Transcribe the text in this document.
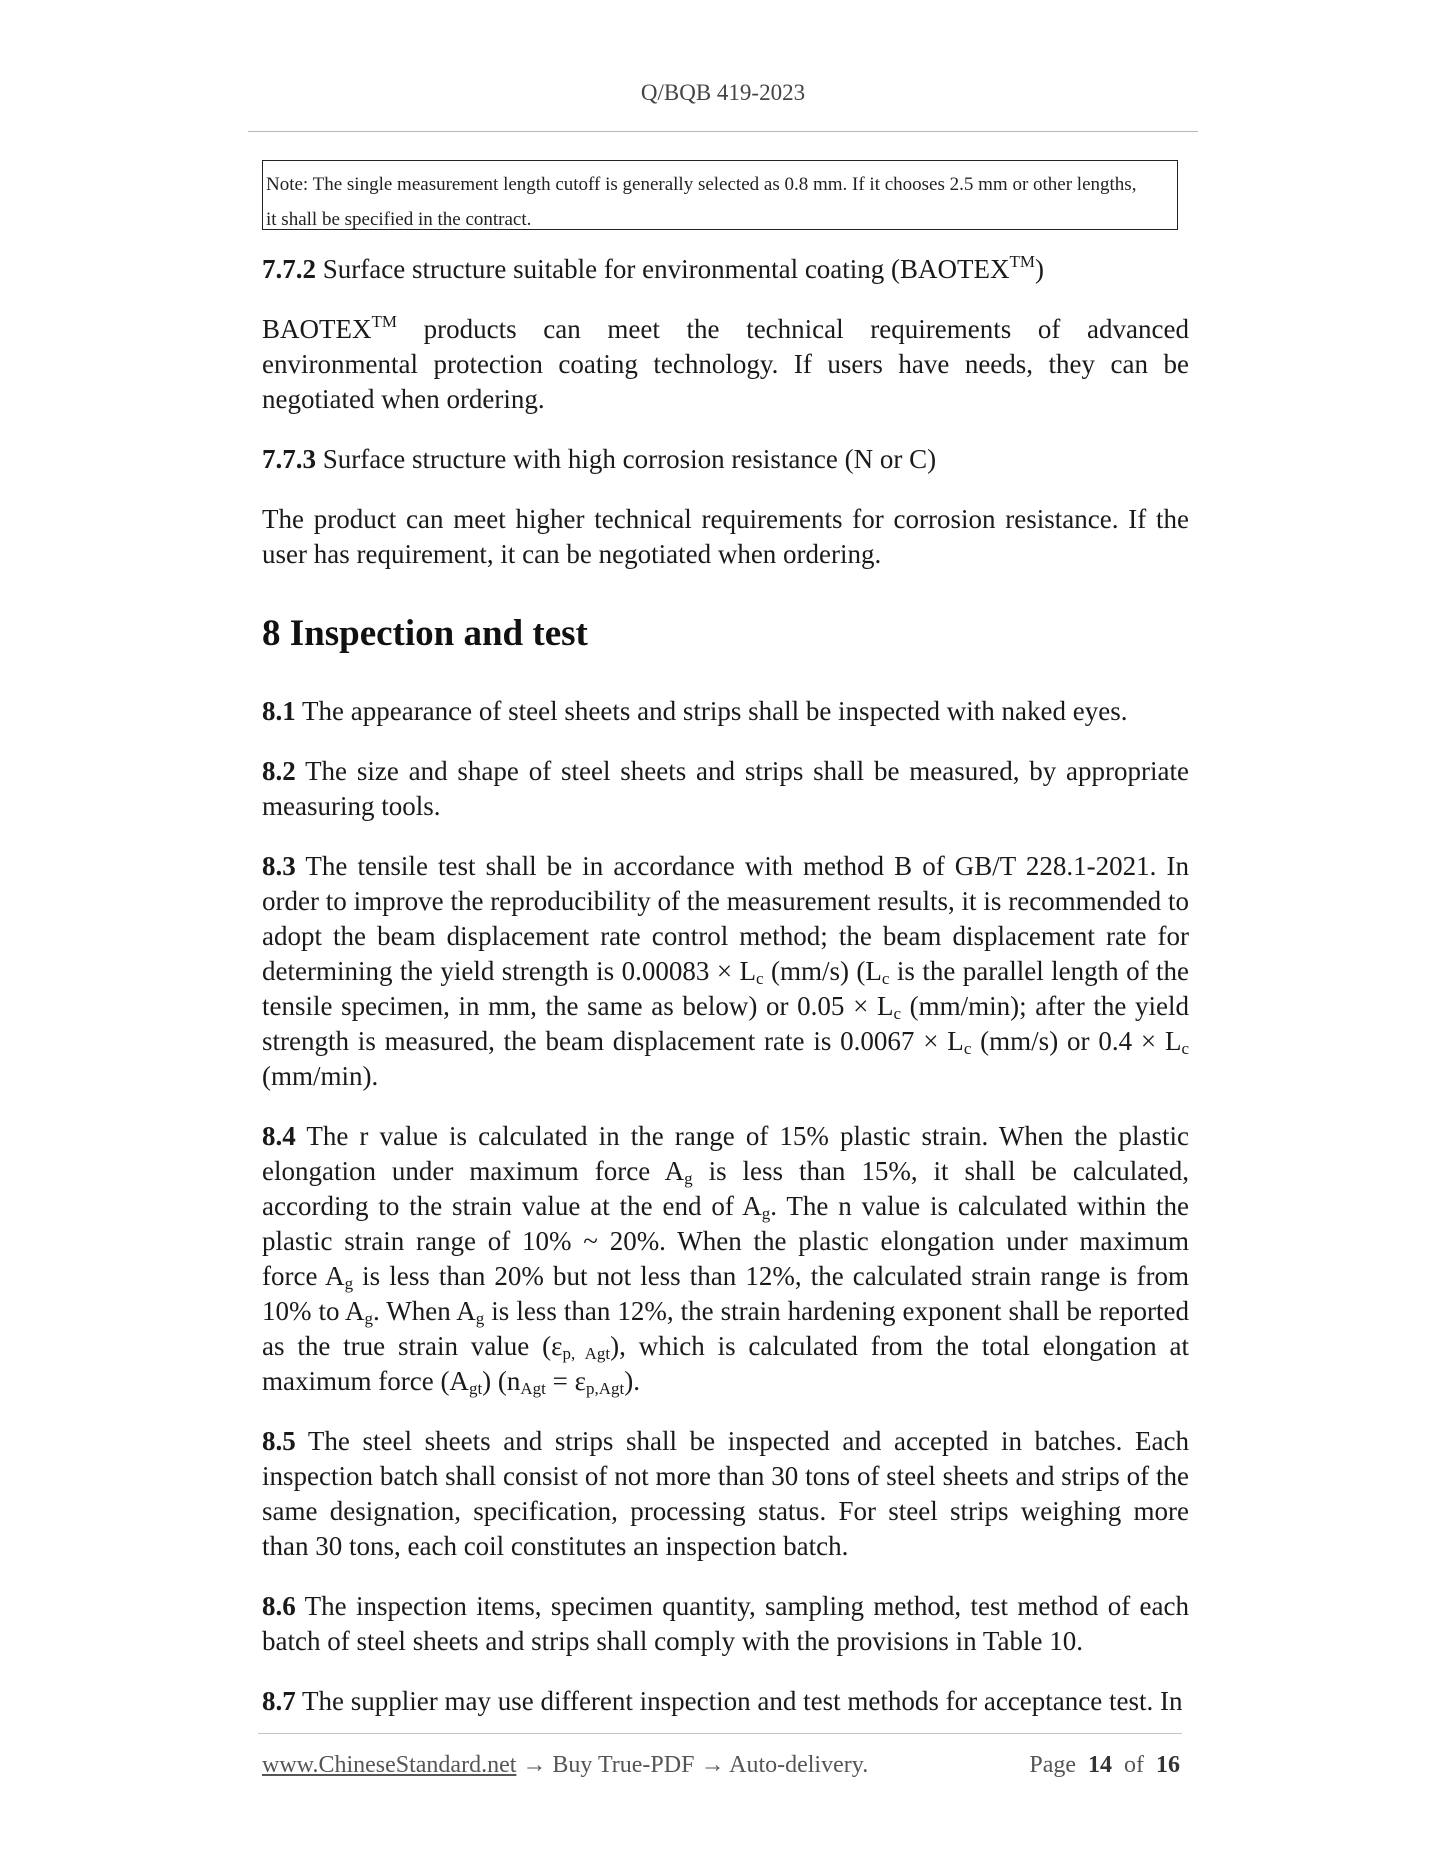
Q/BQB 419-2023
Note: The single measurement length cutoff is generally selected as 0.8 mm. If it chooses 2.5 mm or other lengths,
it shall be specified in the contract.

7.7.2 Surface structure suitable for environmental coating (BAOTEX™)

BAOTEX™ products can meet the technical requirements of advanced environmental protection coating technology. If users have needs, they can be negotiated when ordering.

7.7.3 Surface structure with high corrosion resistance (N or C)

The product can meet higher technical requirements for corrosion resistance. If the user has requirement, it can be negotiated when ordering.

8 Inspection and test

8.1 The appearance of steel sheets and strips shall be inspected with naked eyes.

8.2 The size and shape of steel sheets and strips shall be measured, by appropriate measuring tools.

8.3 The tensile test shall be in accordance with method B of GB/T 228.1-2021. In order to improve the reproducibility of the measurement results, it is recommended to adopt the beam displacement rate control method; the beam displacement rate for determining the yield strength is $0.00083 \times L_c$ (mm/s) ($L_c$ is the parallel length of the tensile specimen, in mm, the same as below) or $0.05 \times L_c$ (mm/min); after the yield strength is measured, the beam displacement rate is $0.0067 \times L_c$ (mm/s) or $0.4 \times L_c$ (mm/min).

8.4 The r value is calculated in the range of 15% plastic strain. When the plastic elongation under maximum force $A_g$ is less than 15%, it shall be calculated, according to the strain value at the end of $A_g$. The n value is calculated within the plastic strain range of 10% ~ 20%. When the plastic elongation under maximum force $A_g$ is less than 20% but not less than 12%, the calculated strain range is from 10% to $A_g$. When $A_g$ is less than 12%, the strain hardening exponent shall be reported as the true strain value $(\varepsilon_{p, Agt})$, which is calculated from the total elongation at maximum force $(A_{gt}) (n_{Agt} = \varepsilon_{p,Agt})$.

8.5 The steel sheets and strips shall be inspected and accepted in batches. Each inspection batch shall consist of not more than 30 tons of steel sheets and strips of the same designation, specification, processing status. For steel strips weighing more than 30 tons, each coil constitutes an inspection batch.

8.6 The inspection items, specimen quantity, sampling method, test method of each batch of steel sheets and strips shall comply with the provisions in Table 10.

8.7 The supplier may use different inspection and test methods for acceptance test. In

www.ChineseStandard.net → Buy True-PDF → Auto-delivery.	Page 14 of 16
